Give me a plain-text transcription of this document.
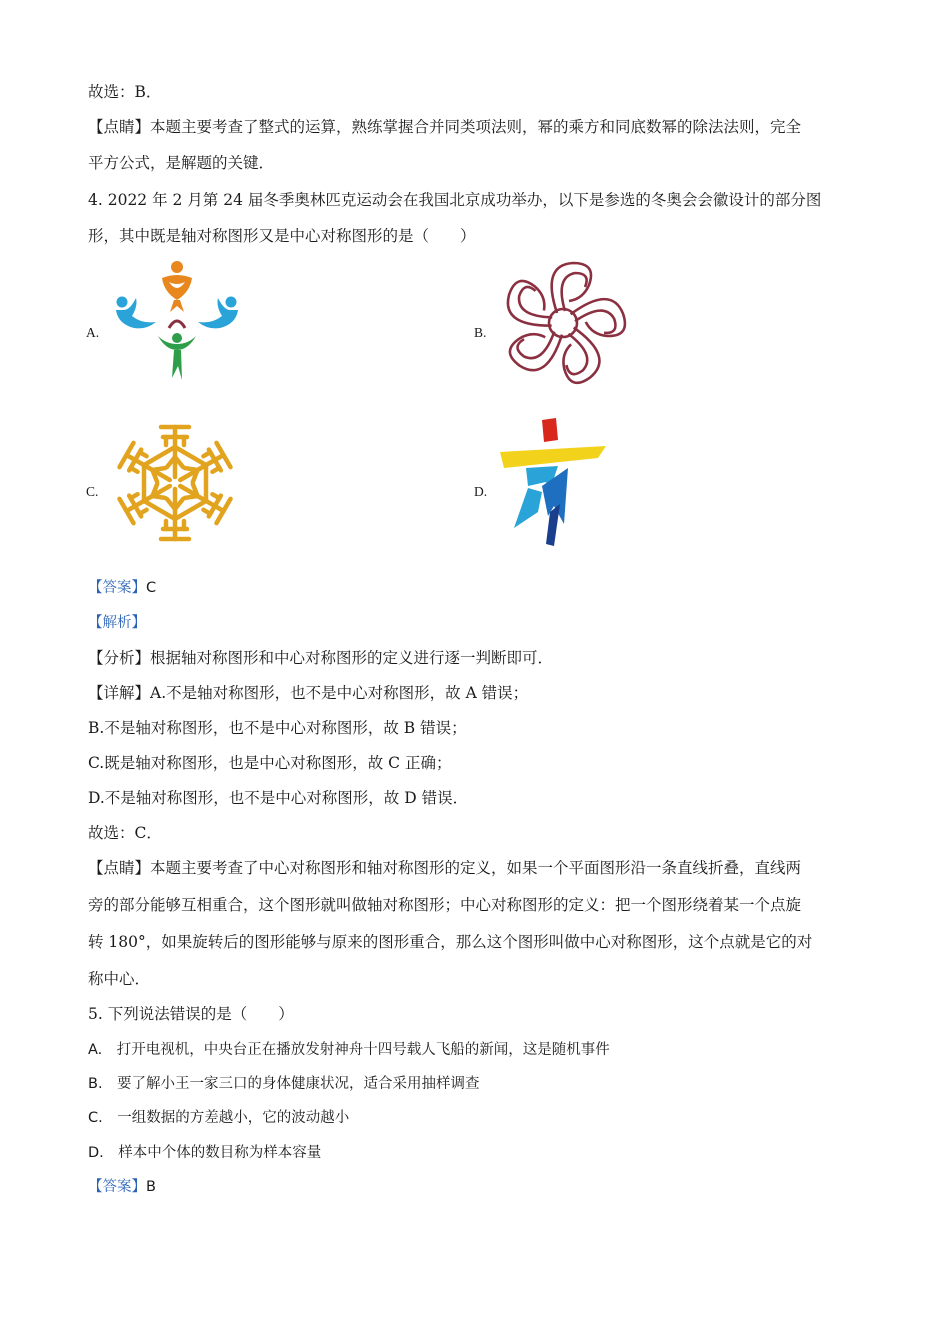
故选：B．
【点睛】本题主要考查了整式的运算，熟练掌握合并同类项法则，幂的乘方和同底数幂的除法法则，完全
平方公式，是解题的关键．
4. 2022 年 2 月第 24 届冬季奥林匹克运动会在我国北京成功举办，以下是参选的冬奥会会徽设计的部分图
形，其中既是轴对称图形又是中心对称图形的是（　　）
A.	B.
C.	D.
【答案】C
【解析】
【分析】根据轴对称图形和中心对称图形的定义进行逐一判断即可．
【详解】A.不是轴对称图形，也不是中心对称图形，故 A 错误；
B.不是轴对称图形，也不是中心对称图形，故 B 错误；
C.既是轴对称图形，也是中心对称图形，故 C 正确；
D.不是轴对称图形，也不是中心对称图形，故 D 错误．
故选：C．
【点睛】本题主要考查了中心对称图形和轴对称图形的定义，如果一个平面图形沿一条直线折叠，直线两
旁的部分能够互相重合，这个图形就叫做轴对称图形；中心对称图形的定义：把一个图形绕着某一个点旋
转 180°，如果旋转后的图形能够与原来的图形重合，那么这个图形叫做中心对称图形，这个点就是它的对
称中心．
5. 下列说法错误的是（　　）
A.　打开电视机，中央台正在播放发射神舟十四号载人飞船的新闻，这是随机事件
B.　要了解小王一家三口的身体健康状况，适合采用抽样调查
C.　一组数据的方差越小，它的波动越小
D.　样本中个体的数目称为样本容量
【答案】B
